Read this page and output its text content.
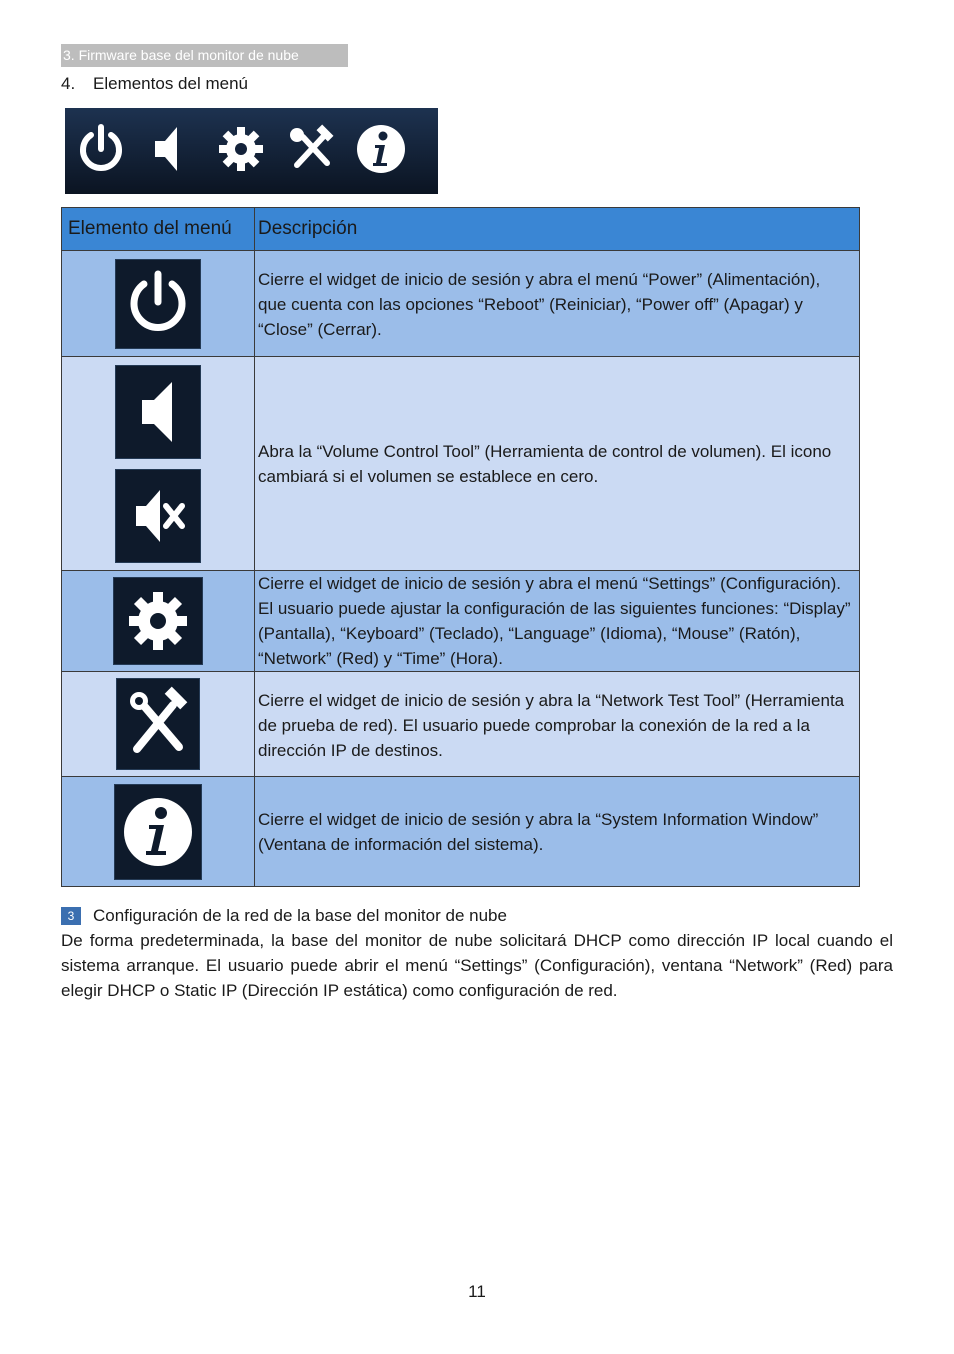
3. Firmware base del monitor de nube
4. Elementos del menú
Elemento del menú	Descripción

	Cierre el widget de inicio de sesión y abra el menú “Power” (Alimentación), que cuenta con las opciones “Reboot” (Reiniciar), “Power off” (Apagar) y “Close” (Cerrar).

	Abra la “Volume Control Tool” (Herramienta de control de volumen). El icono cambiará si el volumen se establece en cero.

	Cierre el widget de inicio de sesión y abra el menú “Settings” (Configuración). El usuario puede ajustar la configuración de las siguientes funciones: “Display” (Pantalla), “Keyboard” (Teclado), “Language” (Idioma), “Mouse” (Ratón), “Network” (Red) y “Time” (Hora).

	Cierre el widget de inicio de sesión y abra la “Network Test Tool” (Herramienta de prueba de red). El usuario puede comprobar la conexión de la red a la dirección IP de destinos.

	Cierre el widget de inicio de sesión y abra la “System Information Window” (Ventana de información del sistema).
3 Configuración de la red de la base del monitor de nube

De forma predeterminada, la base del monitor de nube solicitará DHCP como dirección IP local cuando el sistema arranque. El usuario puede abrir el menú “Settings” (Configuración), ventana “Network” (Red) para elegir DHCP o Static IP (Dirección IP estática) como configuración de red.

11
